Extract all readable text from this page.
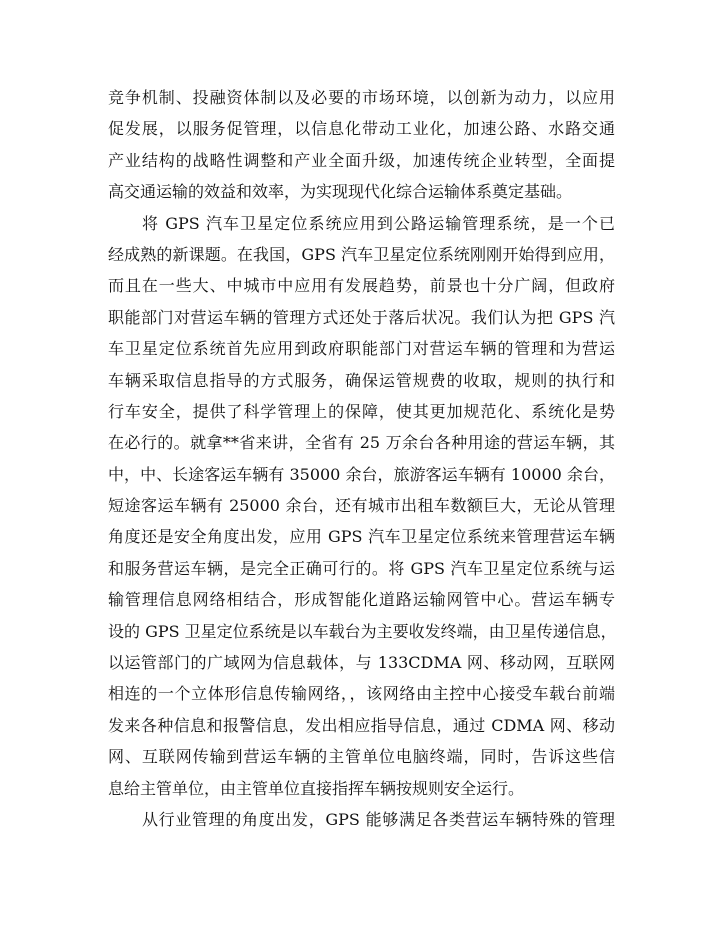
竞争机制、投融资体制以及必要的市场环境，以创新为动力，以应用
促发展，以服务促管理，以信息化带动工业化，加速公路、水路交通
产业结构的战略性调整和产业全面升级，加速传统企业转型，全面提
高交通运输的效益和效率，为实现现代化综合运输体系奠定基础。
将 GPS 汽车卫星定位系统应用到公路运输管理系统，是一个已
经成熟的新课题。在我国，GPS 汽车卫星定位系统刚刚开始得到应用，
而且在一些大、中城市中应用有发展趋势，前景也十分广阔，但政府
职能部门对营运车辆的管理方式还处于落后状况。我们认为把 GPS 汽
车卫星定位系统首先应用到政府职能部门对营运车辆的管理和为营运
车辆采取信息指导的方式服务，确保运管规费的收取，规则的执行和
行车安全，提供了科学管理上的保障，使其更加规范化、系统化是势
在必行的。就拿**省来讲，全省有 25 万余台各种用途的营运车辆，其
中，中、长途客运车辆有 35000 余台，旅游客运车辆有 10000 余台，
短途客运车辆有 25000 余台，还有城市出租车数额巨大，无论从管理
角度还是安全角度出发，应用 GPS 汽车卫星定位系统来管理营运车辆
和服务营运车辆，是完全正确可行的。将 GPS 汽车卫星定位系统与运
输管理信息网络相结合，形成智能化道路运输网管中心。营运车辆专
设的 GPS 卫星定位系统是以车载台为主要收发终端，由卫星传递信息，
以运管部门的广域网为信息载体，与 133CDMA 网、移动网，互联网
相连的一个立体形信息传输网络，，该网络由主控中心接受车载台前端
发来各种信息和报警信息，发出相应指导信息，通过 CDMA 网、移动
网、互联网传输到营运车辆的主管单位电脑终端，同时，告诉这些信
息给主管单位，由主管单位直接指挥车辆按规则安全运行。
从行业管理的角度出发，GPS 能够满足各类营运车辆特殊的管理
